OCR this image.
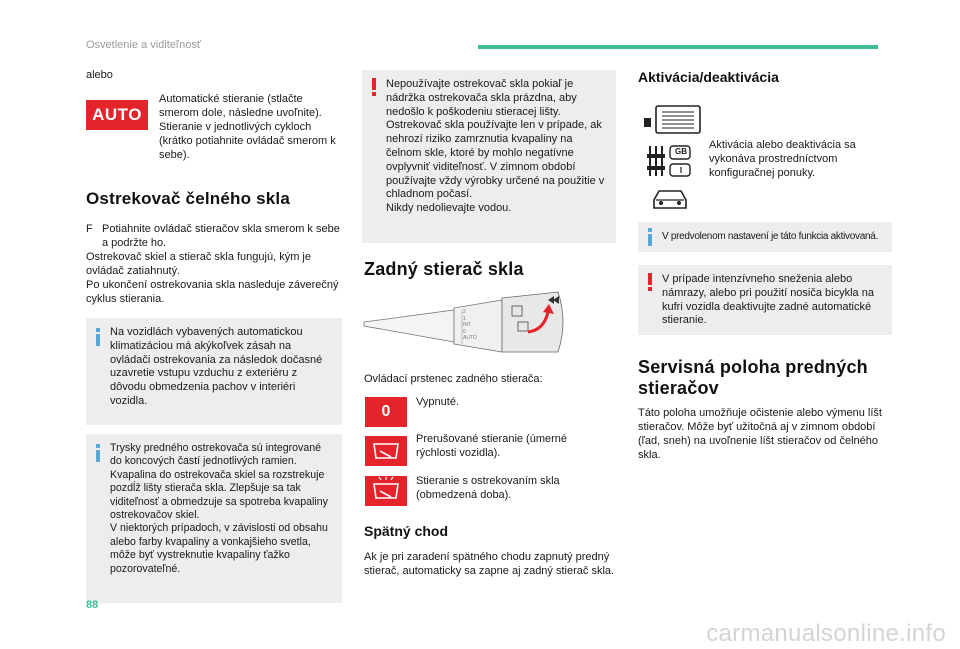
Osvetlenie a viditeľnosť
alebo
AUTO
Automatické stieranie (stlačte smerom dole, následne uvoľnite). Stieranie v jednotlivých cykloch (krátko potiahnite ovládač smerom k sebe).
Ostrekovač čelného skla
F Potiahnite ovládač stieračov skla smerom k sebe a podržte ho.
Ostrekovač skiel a stierač skla fungujú, kým je ovládač zatiahnutý.
Po ukončení ostrekovania skla nasleduje záverečný cyklus stierania.
Na vozidlách vybavených automatickou klimatizáciou má akýkoľvek zásah na ovládači ostrekovania za následok dočasné uzavretie vstupu vzduchu z exteriéru z dôvodu obmedzenia pachov v interiéri vozidla.
Trysky predného ostrekovača sú integrované do koncových častí jednotlivých ramien. Kvapalina do ostrekovača skiel sa rozstrekuje pozdĺž lišty stierača skla. Zlepšuje sa tak viditeľnosť a obmedzuje sa spotreba kvapaliny ostrekovačov skiel.
V niektorých prípadoch, v závislosti od obsahu alebo farby kvapaliny a vonkajšieho svetla, môže byť vystreknutie kvapaliny ťažko pozorovateľné.
Nepoužívajte ostrekovač skla pokiaľ je nádržka ostrekovača skla prázdna, aby nedošlo k poškodeniu stieracej lišty. Ostrekovač skla používajte len v prípade, ak nehrozí riziko zamrznutia kvapaliny na čelnom skle, ktoré by mohlo negatívne ovplyvniť viditeľnosť. V zimnom období používajte vždy výrobky určené na použitie v chladnom počasí.
Nikdy nedolievajte vodou.
Zadný stierač skla
2
1
INT
0
AUTO
Ovládací prstenec zadného stierača:
0
Vypnuté.
Prerušované stieranie (úmerné rýchlosti vozidla).
Stieranie s ostrekovaním skla (obmedzená doba).
Spätný chod
Ak je pri zaradení spätného chodu zapnutý predný stierač, automaticky sa zapne aj zadný stierač skla.
Aktivácia/deaktivácia
GB
I
Aktivácia alebo deaktivácia sa vykonáva prostredníctvom konfiguračnej ponuky.
V predvolenom nastavení je táto funkcia aktivovaná.
V prípade intenzívneho sneženia alebo námrazy, alebo pri použití nosiča bicykla na kufri vozidla deaktivujte zadné automatické stieranie.
Servisná poloha predných stieračov
Táto poloha umožňuje očistenie alebo výmenu líšt stieračov. Môže byť užitočná aj v zimnom období (ľad, sneh) na uvoľnenie líšt stieračov od čelného skla.
88
carmanualsonline.info
